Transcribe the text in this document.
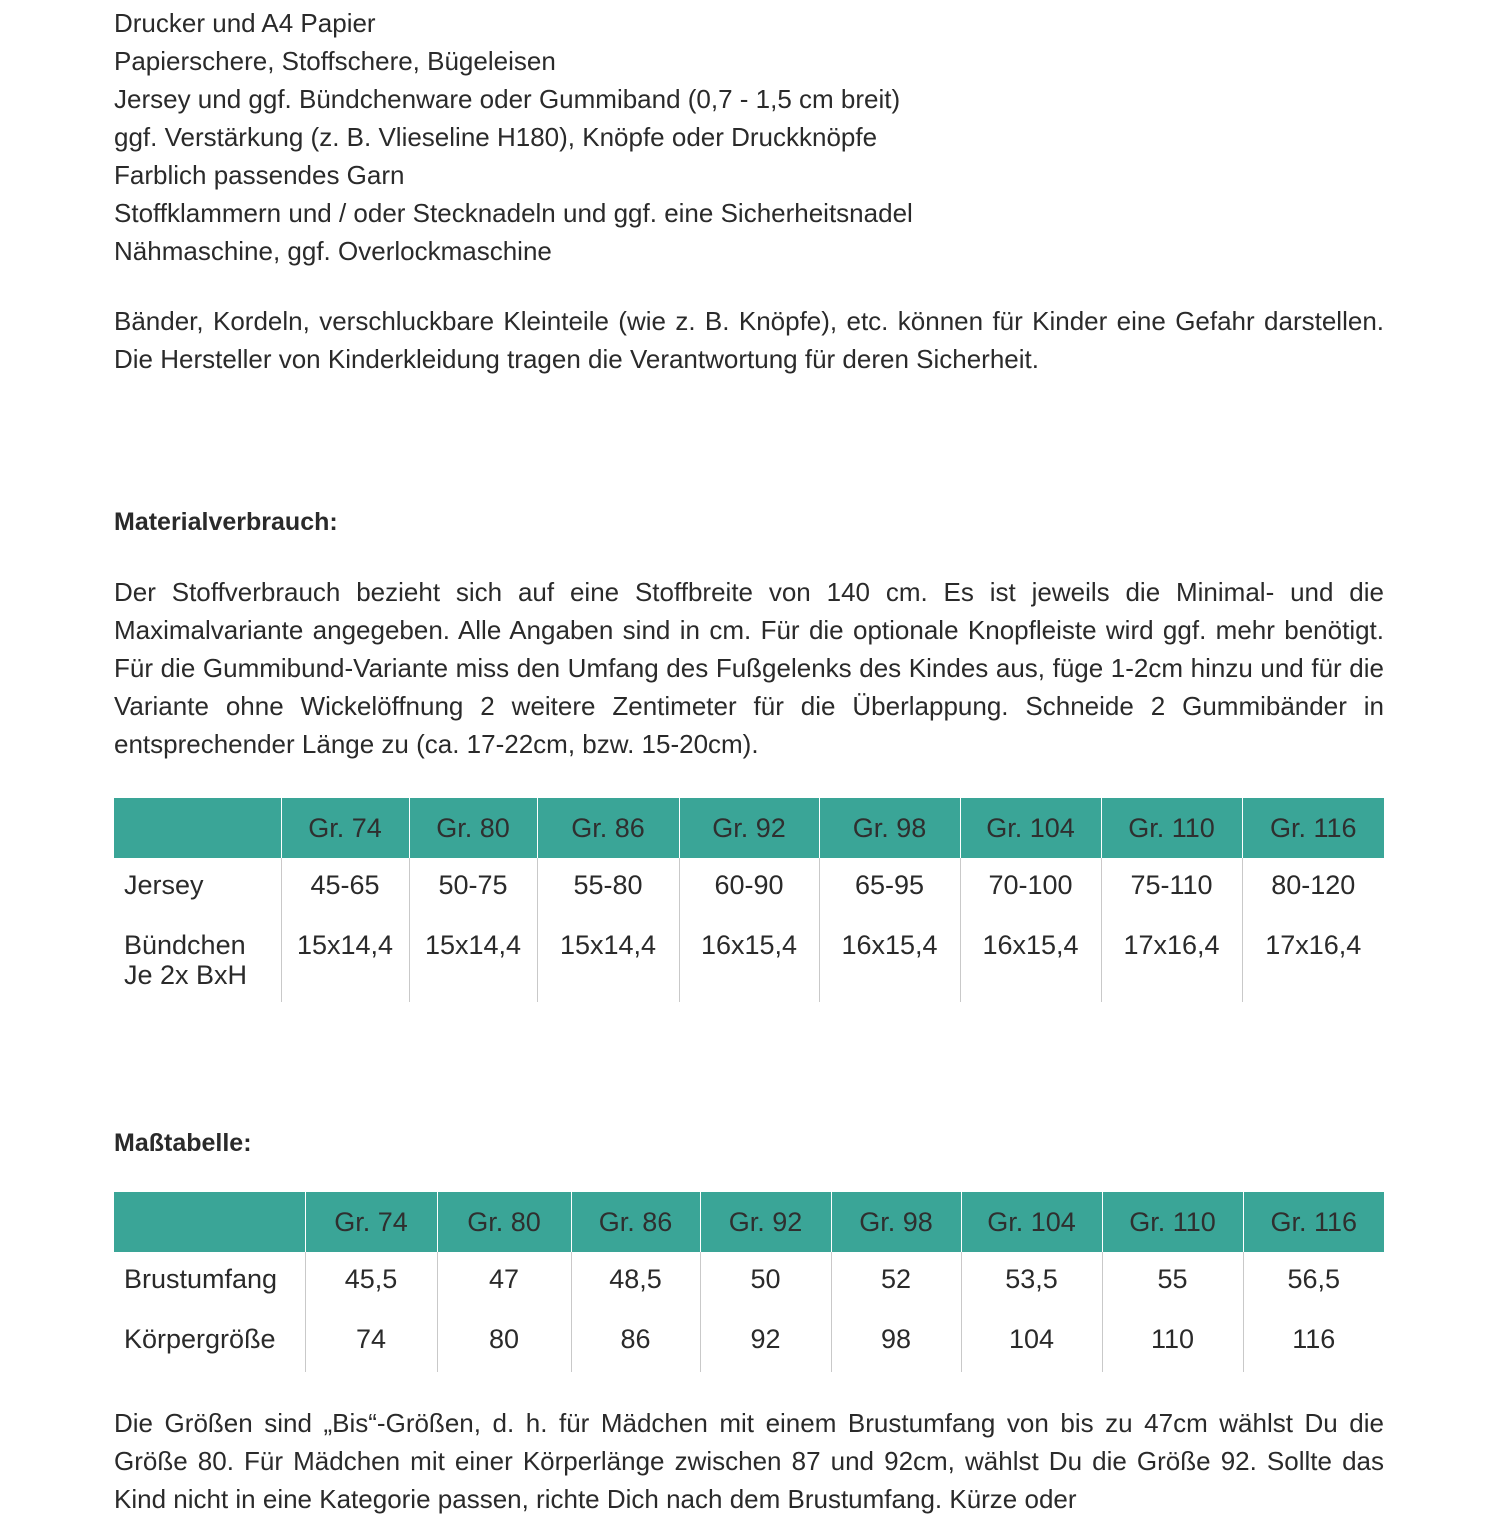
Drucker und A4 Papier
Papierschere, Stoffschere, Bügeleisen
Jersey und ggf. Bündchenware oder Gummiband (0,7 - 1,5 cm breit)
ggf. Verstärkung (z. B. Vlieseline H180), Knöpfe oder Druckknöpfe
Farblich passendes Garn
Stoffklammern und / oder Stecknadeln und ggf. eine Sicherheitsnadel
Nähmaschine, ggf. Overlockmaschine

Bänder, Kordeln, verschluckbare Kleinteile (wie z. B. Knöpfe), etc. können für Kinder eine Gefahr darstellen. Die Hersteller von Kinderkleidung tragen die Verantwortung für deren Sicherheit.

Materialverbrauch:

Der Stoffverbrauch bezieht sich auf eine Stoffbreite von 140 cm. Es ist jeweils die Minimal- und die Maximalvariante angegeben. Alle Angaben sind in cm. Für die optionale Knopfleiste wird ggf. mehr benötigt. Für die Gummibund-Variante miss den Umfang des Fußgelenks des Kindes aus, füge 1-2cm hinzu und für die Variante ohne Wickelöffnung 2 weitere Zentimeter für die Überlappung. Schneide 2 Gummibänder in entsprechender Länge zu (ca. 17-22cm, bzw. 15-20cm).

	Gr. 74	Gr. 80	Gr. 86	Gr. 92	Gr. 98	Gr. 104	Gr. 110	Gr. 116
Jersey	45-65	50-75	55-80	60-90	65-95	70-100	75-110	80-120

Bündchen
Je 2x BxH	15x14,4	15x14,4	15x14,4	16x15,4	16x15,4	16x15,4	17x16,4	17x16,4
Maßtabelle:
	Gr. 74	Gr. 80	Gr. 86	Gr. 92	Gr. 98	Gr. 104	Gr. 110	Gr. 116
Brustumfang	45,5	47	48,5	50	52	53,5	55	56,5
Körpergröße	74	80	86	92	98	104	110	116

Die Größen sind „Bis“-Größen, d. h. für Mädchen mit einem Brustumfang von bis zu 47cm wählst Du die Größe 80. Für Mädchen mit einer Körperlänge zwischen 87 und 92cm, wählst Du die Größe 92. Sollte das Kind nicht in eine Kategorie passen, richte Dich nach dem Brustumfang. Kürze oder
